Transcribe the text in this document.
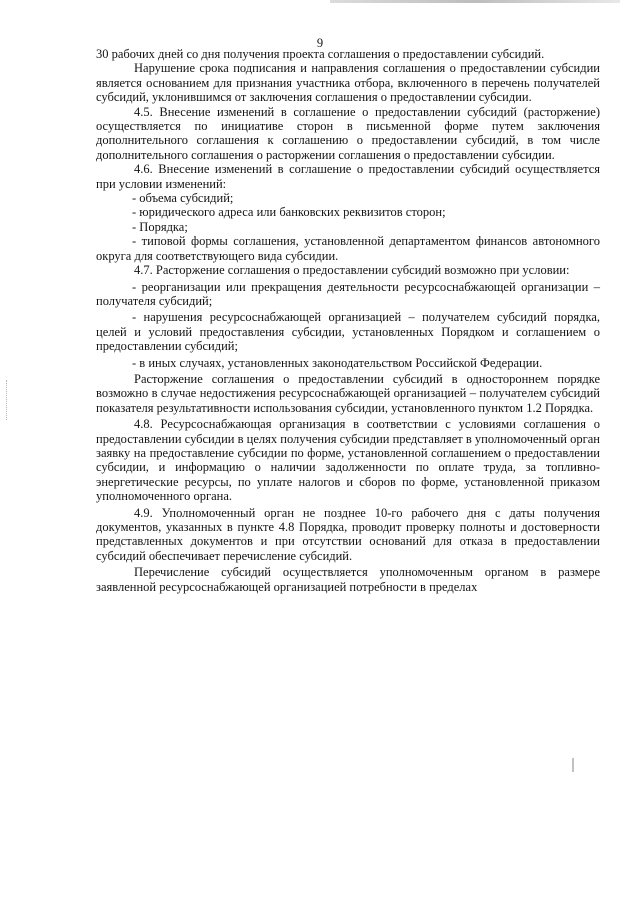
9

30 рабочих дней со дня получения проекта соглашения о предоставлении субсидий.

Нарушение срока подписания и направления соглашения о предоставлении субсидии является основанием для признания участника отбора, включенного в перечень получателей субсидий, уклонившимся от заключения соглашения о предоставлении субсидии.

4.5. Внесение изменений в соглашение о предоставлении субсидий (расторжение) осуществляется по инициативе сторон в письменной форме путем заключения дополнительного соглашения к соглашению о предоставлении субсидий, в том числе дополнительного соглашения о расторжении соглашения о предоставлении субсидии.

4.6. Внесение изменений в соглашение о предоставлении субсидий осуществляется при условии изменений:

- объема субсидий;

- юридического адреса или банковских реквизитов сторон;

- Порядка;

- типовой формы соглашения, установленной департаментом финансов автономного округа для соответствующего вида субсидии.

4.7. Расторжение соглашения о предоставлении субсидий возможно при условии:

- реорганизации или прекращения деятельности ресурсоснабжающей организации – получателя субсидий;

- нарушения ресурсоснабжающей организацией – получателем субсидий порядка, целей и условий предоставления субсидии, установленных Порядком и соглашением о предоставлении субсидий;

- в иных случаях, установленных законодательством Российской Федерации.

Расторжение соглашения о предоставлении субсидий в одностороннем порядке возможно в случае недостижения ресурсоснабжающей организацией – получателем субсидий показателя результативности использования субсидии, установленного пунктом 1.2 Порядка.

4.8. Ресурсоснабжающая организация в соответствии с условиями соглашения о предоставлении субсидии в целях получения субсидии представляет в уполномоченный орган заявку на предоставление субсидии по форме, установленной соглашением о предоставлении субсидии, и информацию о наличии задолженности по оплате труда, за топливно-энергетические ресурсы, по уплате налогов и сборов по форме, установленной приказом уполномоченного органа.

4.9. Уполномоченный орган не позднее 10-го рабочего дня с даты получения документов, указанных в пункте 4.8 Порядка, проводит проверку полноты и достоверности представленных документов и при отсутствии оснований для отказа в предоставлении субсидий обеспечивает перечисление субсидий.

Перечисление субсидий осуществляется уполномоченным органом в размере заявленной ресурсоснабжающей организацией потребности в пределах
